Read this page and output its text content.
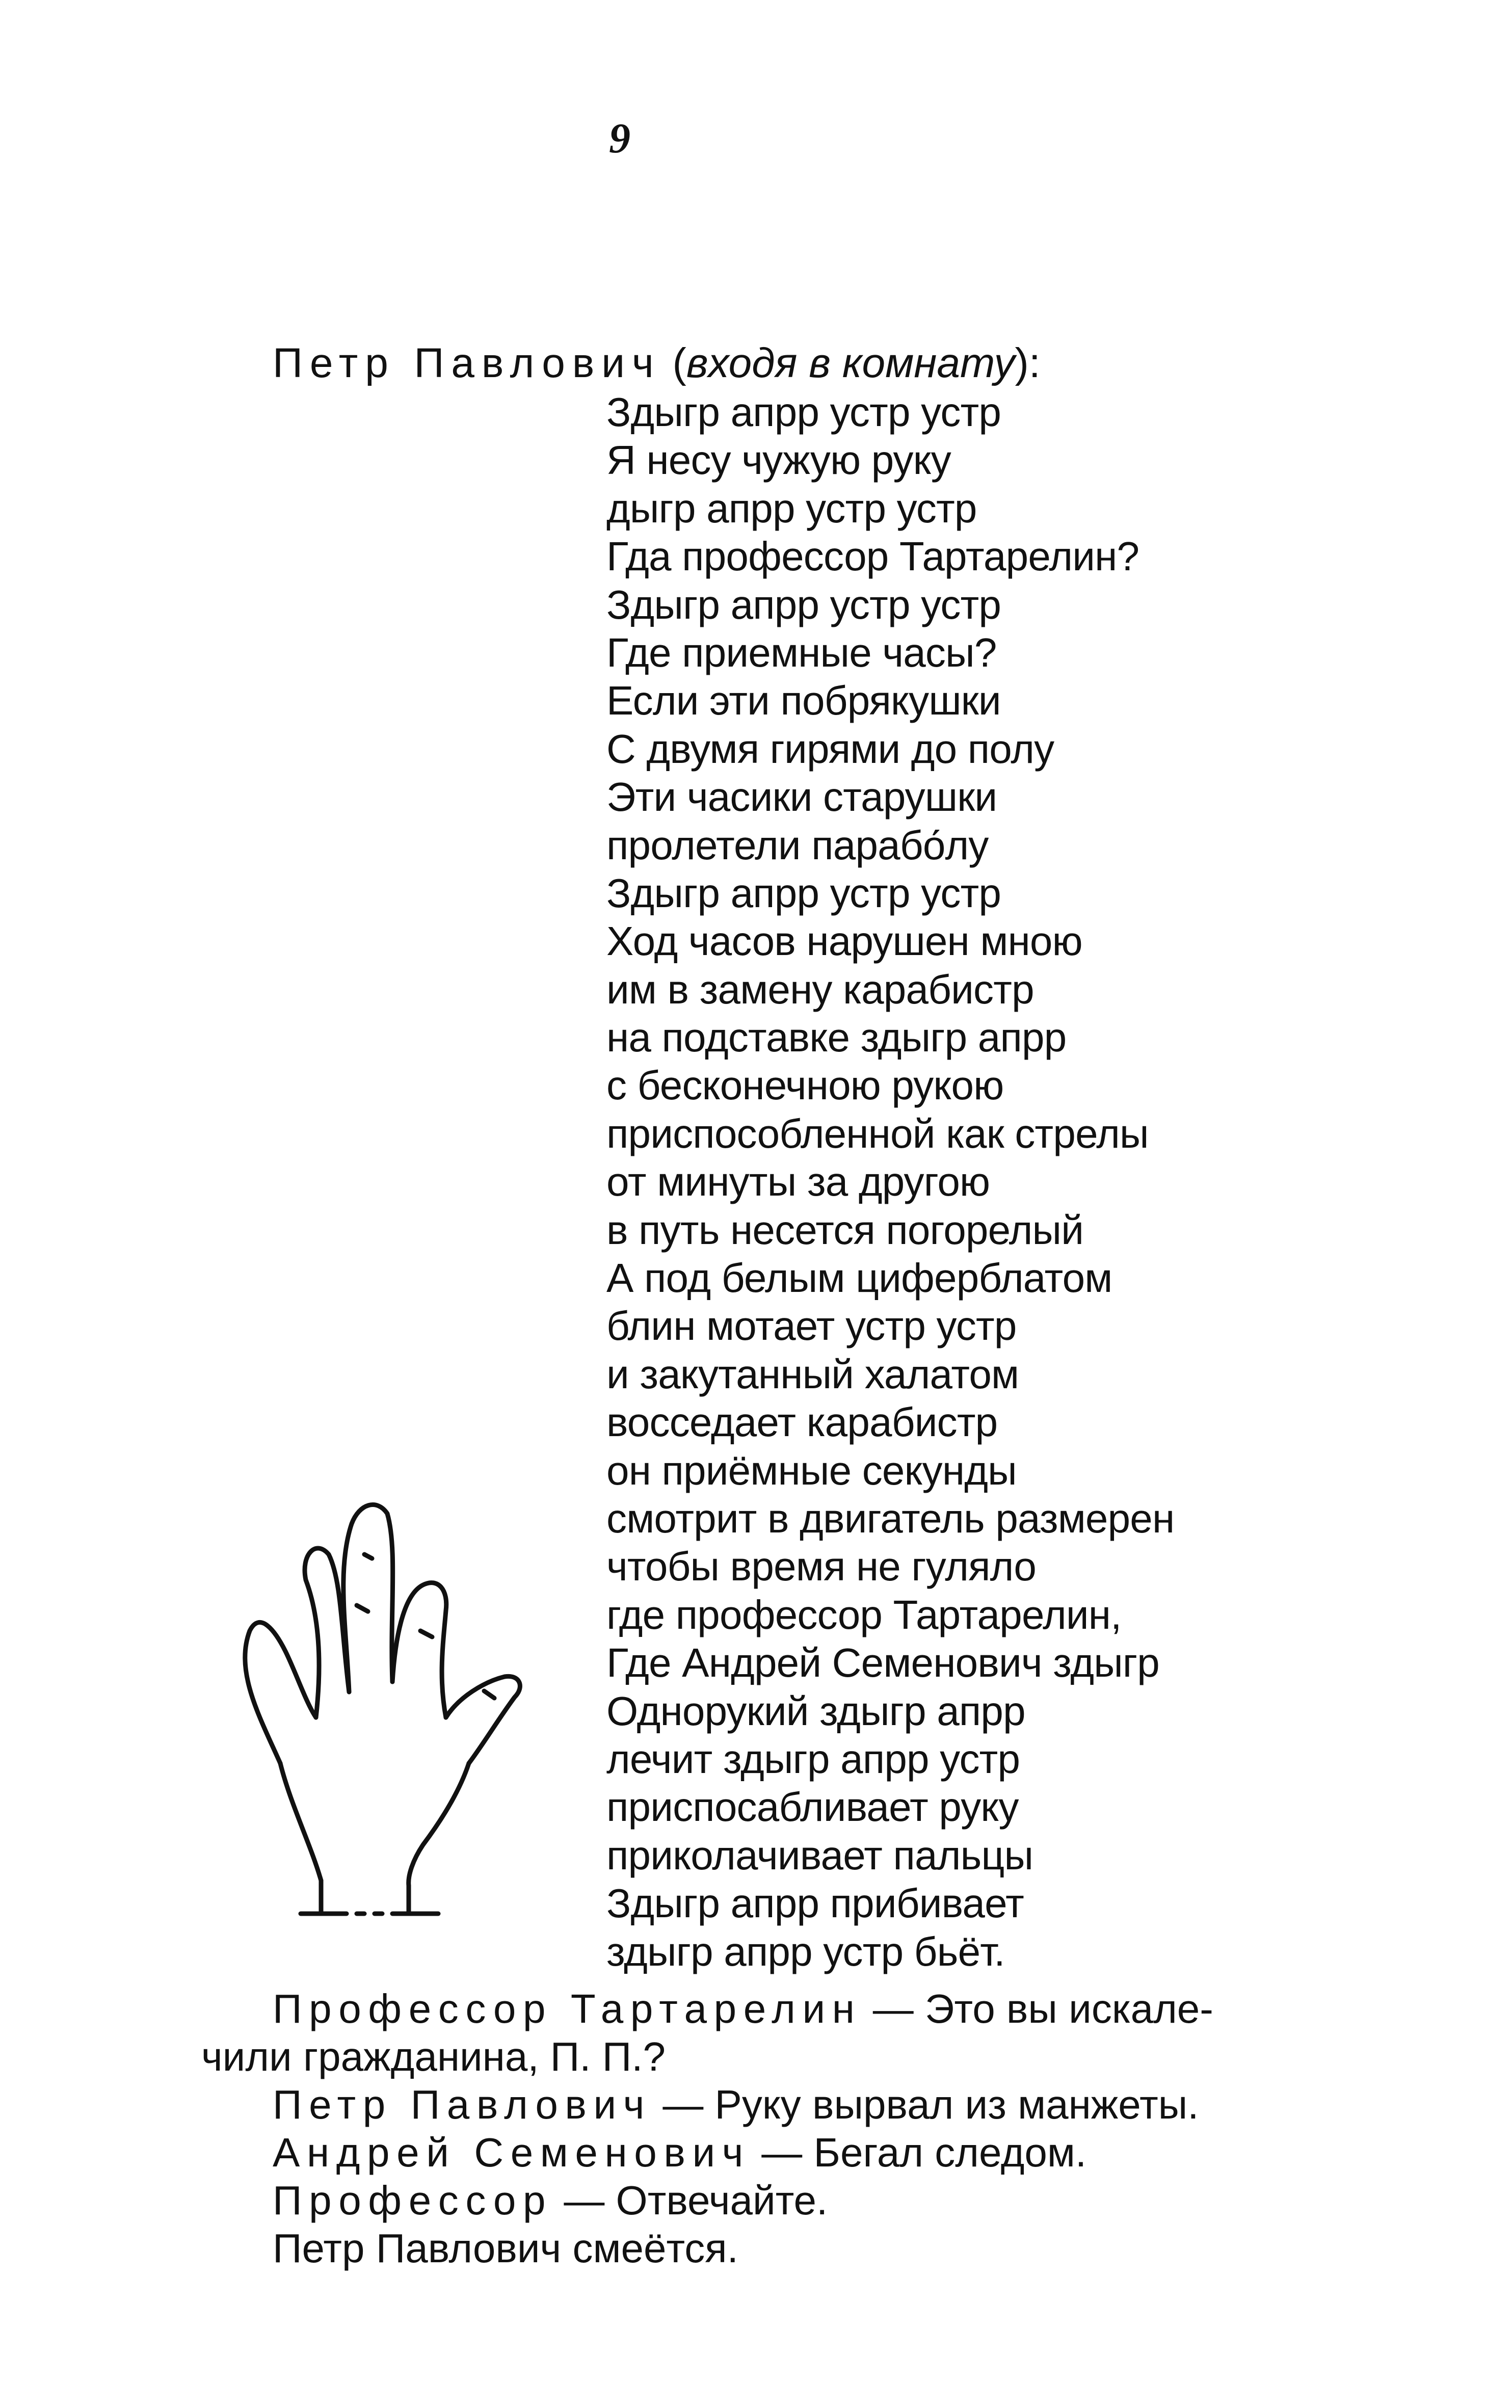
9
Петр Павлович (входя в комнату):
Здыгр апрр устр устр
Я несу чужую руку
дыгр апрр устр устр
Гда профессор Тартарелин?
Здыгр апрр устр устр
Где приемные часы?
Если эти побрякушки
С двумя гирями до полу
Эти часики старушки
пролетели парабо́лу
Здыгр апрр устр устр
Ход часов нарушен мною
им в замену карабистр
на подставке здыгр апрр
с бесконечною рукою
приспособленной как стрелы
от минуты за другою
в путь несется погорелый
А под белым циферблатом
блин мотает устр устр
и закутанный халатом
восседает карабистр
он приёмные секунды
смотрит в двигатель размерен
чтобы время не гуляло
где профессор Тартарелин,
Где Андрей Семенович здыгр
Однорукий здыгр апрр
лечит здыгр апрр устр
приспосабливает руку
приколачивает пальцы
Здыгр апрр прибивает
здыгр апрр устр бьёт.
Профессор Тартарелин — Это вы искале-
чили гражданина, П. П.?
Петр Павлович — Руку вырвал из манжеты.
Андрей Семенович — Бегал следом.
Профессор — Отвечайте.
Петр Павлович смеётся.
